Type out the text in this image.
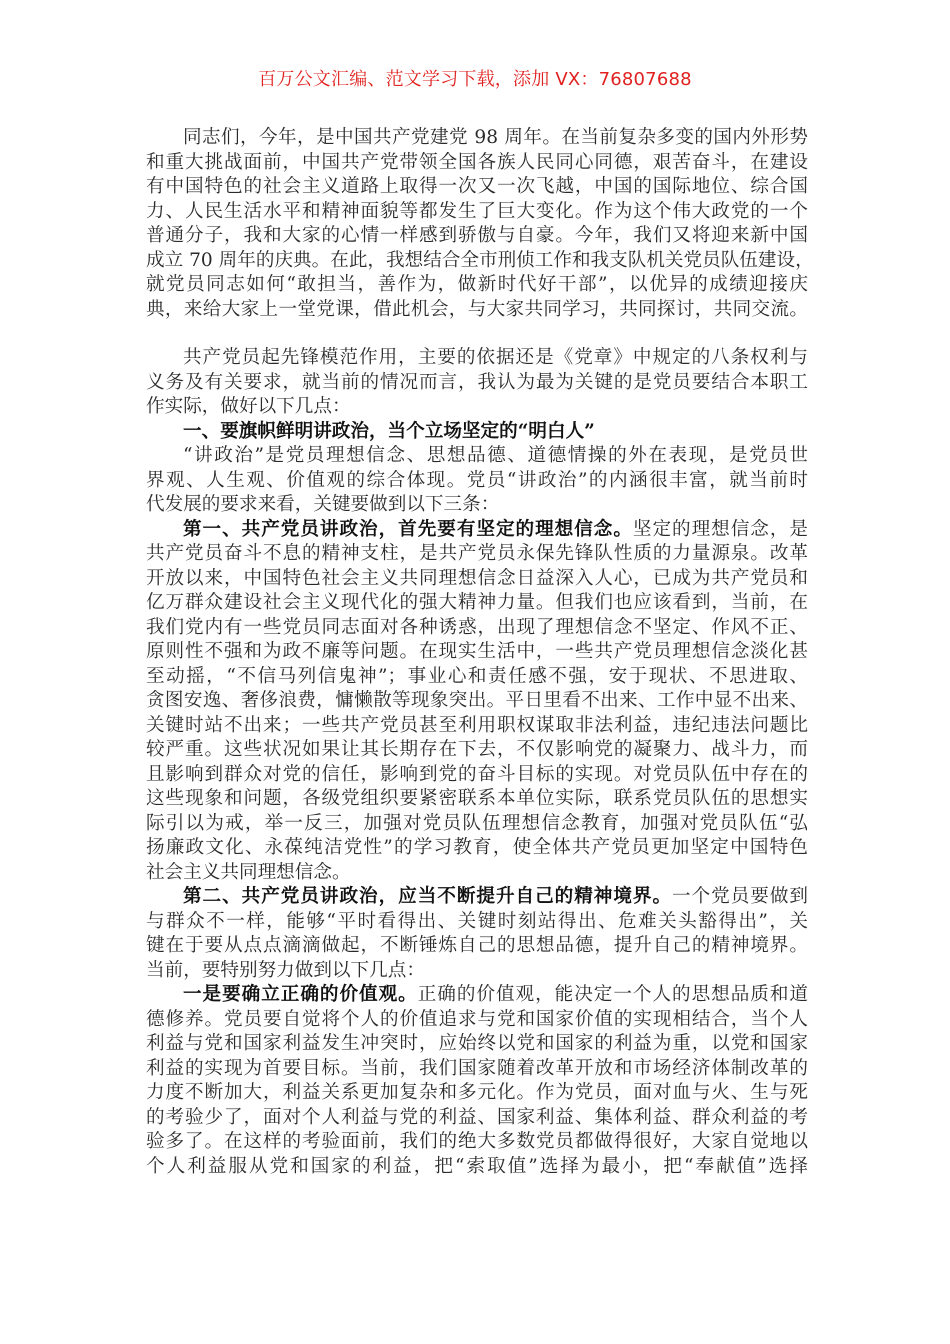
百万公文汇编、范文学习下载，添加 VX：76807688
同志们，今年，是中国共产党建党 98 周年。在当前复杂多变的国内外形势
和重大挑战面前，中国共产党带领全国各族人民同心同德，艰苦奋斗，在建设
有中国特色的社会主义道路上取得一次又一次飞越，中国的国际地位、综合国
力、人民生活水平和精神面貌等都发生了巨大变化。作为这个伟大政党的一个
普通分子，我和大家的心情一样感到骄傲与自豪。今年，我们又将迎来新中国
成立 70 周年的庆典。在此，我想结合全市刑侦工作和我支队机关党员队伍建设，
就党员同志如何“敢担当，善作为，做新时代好干部”，以优异的成绩迎接庆
典，来给大家上一堂党课，借此机会，与大家共同学习，共同探讨，共同交流。
共产党员起先锋模范作用，主要的依据还是《党章》中规定的八条权利与
义务及有关要求，就当前的情况而言，我认为最为关键的是党员要结合本职工
作实际，做好以下几点：
一、要旗帜鲜明讲政治，当个立场坚定的“明白人”
“讲政治”是党员理想信念、思想品德、道德情操的外在表现，是党员世
界观、人生观、价值观的综合体现。党员“讲政治”的内涵很丰富，就当前时
代发展的要求来看，关键要做到以下三条：
第一、共产党员讲政治，首先要有坚定的理想信念。坚定的理想信念，是
共产党员奋斗不息的精神支柱，是共产党员永保先锋队性质的力量源泉。改革
开放以来，中国特色社会主义共同理想信念日益深入人心，已成为共产党员和
亿万群众建设社会主义现代化的强大精神力量。但我们也应该看到，当前，在
我们党内有一些党员同志面对各种诱惑，出现了理想信念不坚定、作风不正、
原则性不强和为政不廉等问题。在现实生活中，一些共产党员理想信念淡化甚
至动摇，“不信马列信鬼神”；事业心和责任感不强，安于现状、不思进取、
贪图安逸、奢侈浪费，慵懒散等现象突出。平日里看不出来、工作中显不出来、
关键时站不出来；一些共产党员甚至利用职权谋取非法利益，违纪违法问题比
较严重。这些状况如果让其长期存在下去，不仅影响党的凝聚力、战斗力，而
且影响到群众对党的信任，影响到党的奋斗目标的实现。对党员队伍中存在的
这些现象和问题，各级党组织要紧密联系本单位实际，联系党员队伍的思想实
际引以为戒，举一反三，加强对党员队伍理想信念教育，加强对党员队伍“弘
扬廉政文化、永葆纯洁党性”的学习教育，使全体共产党员更加坚定中国特色
社会主义共同理想信念。
第二、共产党员讲政治，应当不断提升自己的精神境界。一个党员要做到
与群众不一样，能够“平时看得出、关键时刻站得出、危难关头豁得出”，关
键在于要从点点滴滴做起，不断锤炼自己的思想品德，提升自己的精神境界。
当前，要特别努力做到以下几点：
一是要确立正确的价值观。正确的价值观，能决定一个人的思想品质和道
德修养。党员要自觉将个人的价值追求与党和国家价值的实现相结合，当个人
利益与党和国家利益发生冲突时，应始终以党和国家的利益为重，以党和国家
利益的实现为首要目标。当前，我们国家随着改革开放和市场经济体制改革的
力度不断加大，利益关系更加复杂和多元化。作为党员，面对血与火、生与死
的考验少了，面对个人利益与党的利益、国家利益、集体利益、群众利益的考
验多了。在这样的考验面前，我们的绝大多数党员都做得很好，大家自觉地以
个人利益服从党和国家的利益，把“索取值”选择为最小，把“奉献值”选择
